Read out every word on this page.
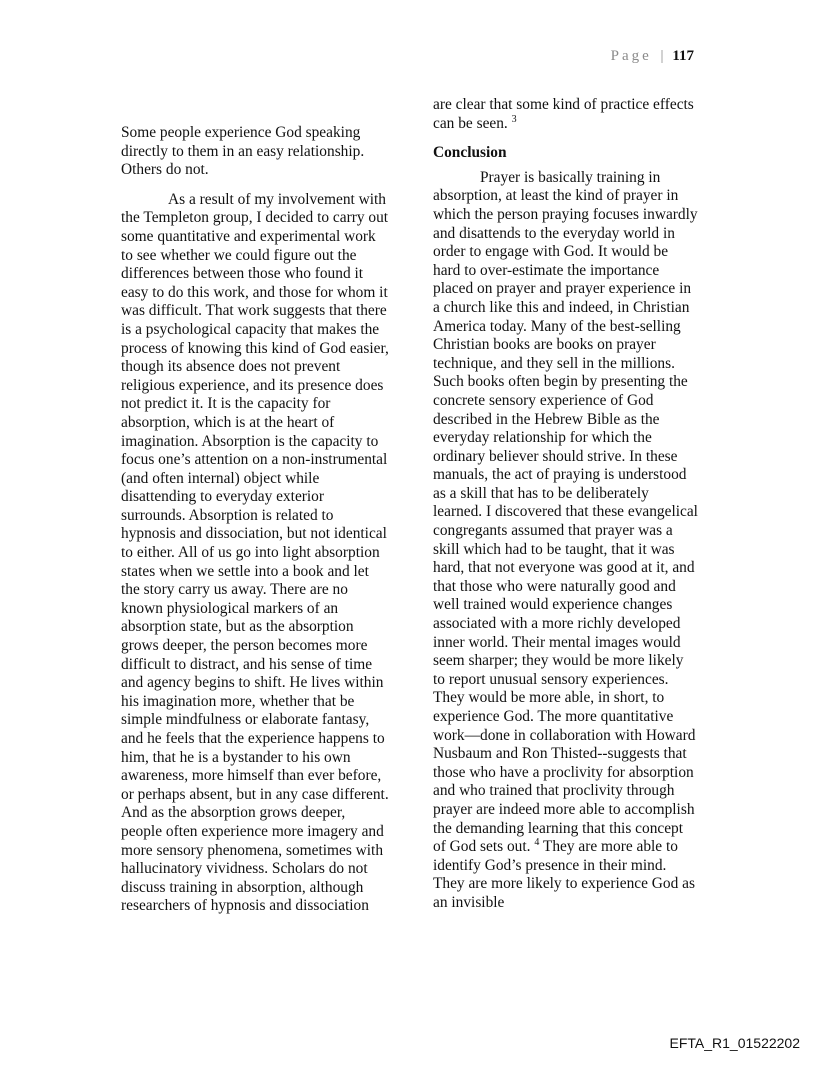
Page | 117

Some people experience God speaking directly to them in an easy relationship. Others do not.

As a result of my involvement with the Templeton group, I decided to carry out some quantitative and experimental work to see whether we could figure out the differences between those who found it easy to do this work, and those for whom it was difficult. That work suggests that there is a psychological capacity that makes the process of knowing this kind of God easier, though its absence does not prevent religious experience, and its presence does not predict it. It is the capacity for absorption, which is at the heart of imagination. Absorption is the capacity to focus one’s attention on a non-instrumental (and often internal) object while disattending to everyday exterior surrounds. Absorption is related to hypnosis and dissociation, but not identical to either. All of us go into light absorption states when we settle into a book and let the story carry us away. There are no known physiological markers of an absorption state, but as the absorption grows deeper, the person becomes more difficult to distract, and his sense of time and agency begins to shift. He lives within his imagination more, whether that be simple mindfulness or elaborate fantasy, and he feels that the experience happens to him, that he is a bystander to his own awareness, more himself than ever before, or perhaps absent, but in any case different. And as the absorption grows deeper, people often experience more imagery and more sensory phenomena, sometimes with hallucinatory vividness. Scholars do not discuss training in absorption, although researchers of hypnosis and dissociation

are clear that some kind of practice effects can be seen. $^3$

Conclusion

Prayer is basically training in absorption, at least the kind of prayer in which the person praying focuses inwardly and disattends to the everyday world in order to engage with God. It would be hard to over-estimate the importance placed on prayer and prayer experience in a church like this and indeed, in Christian America today. Many of the best-selling Christian books are books on prayer technique, and they sell in the millions. Such books often begin by presenting the concrete sensory experience of God described in the Hebrew Bible as the everyday relationship for which the ordinary believer should strive. In these manuals, the act of praying is understood as a skill that has to be deliberately learned. I discovered that these evangelical congregants assumed that prayer was a skill which had to be taught, that it was hard, that not everyone was good at it, and that those who were naturally good and well trained would experience changes associated with a more richly developed inner world. Their mental images would seem sharper; they would be more likely to report unusual sensory experiences. They would be more able, in short, to experience God. The more quantitative work—done in collaboration with Howard Nusbaum and Ron Thisted--suggests that those who have a proclivity for absorption and who trained that proclivity through prayer are indeed more able to accomplish the demanding learning that this concept of God sets out. $^4$ They are more able to identify God’s presence in their mind. They are more likely to experience God as an invisible

EFTA_R1_01522202
